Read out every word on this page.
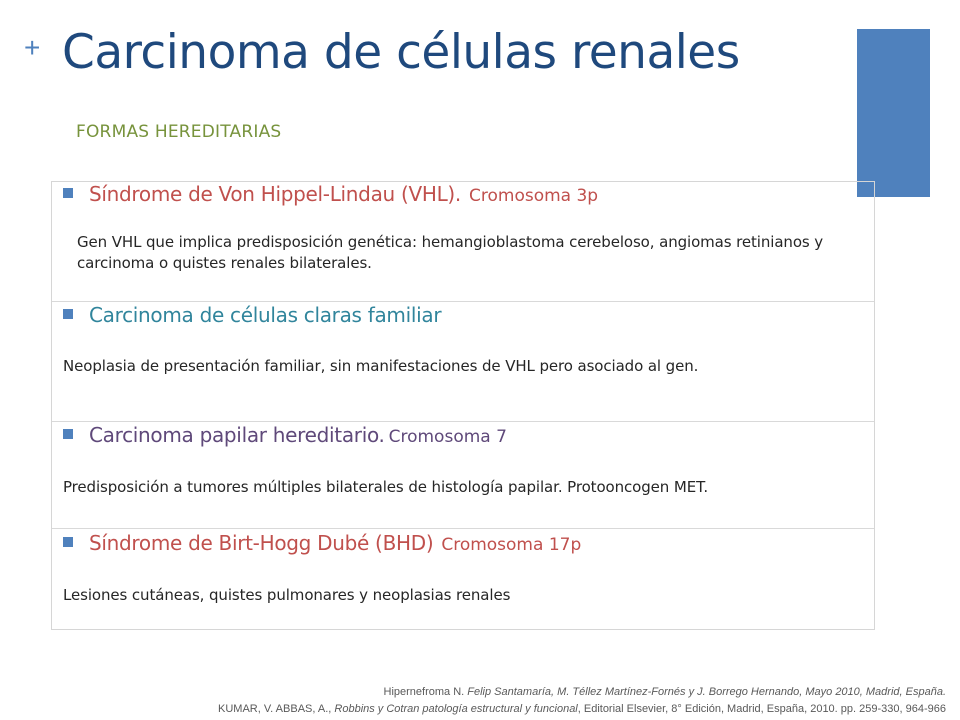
+ Carcinoma de células renales
FORMAS HEREDITARIAS
Síndrome de Von Hippel-Lindau (VHL). Cromosoma 3p
Gen VHL que implica predisposición genética: hemangioblastoma cerebeloso, angiomas retinianos y carcinoma o quistes renales bilaterales.
Carcinoma de células claras familiar
Neoplasia de presentación familiar, sin manifestaciones de VHL pero asociado al gen.
Carcinoma papilar hereditario. Cromosoma 7
Predisposición a tumores múltiples bilaterales de histología papilar. Protooncogen MET.
Síndrome de Birt-Hogg Dubé (BHD) Cromosoma 17p
Lesiones cutáneas, quistes pulmonares y neoplasias renales
Hipernefroma N. Felip Santamaría, M. Téllez Martínez-Fornés y J. Borrego Hernando, Mayo 2010, Madrid, España.
KUMAR, V. ABBAS, A., Robbins y Cotran patología estructural y funcional, Editorial Elsevier, 8° Edición, Madrid, España, 2010. pp. 259-330, 964-966
